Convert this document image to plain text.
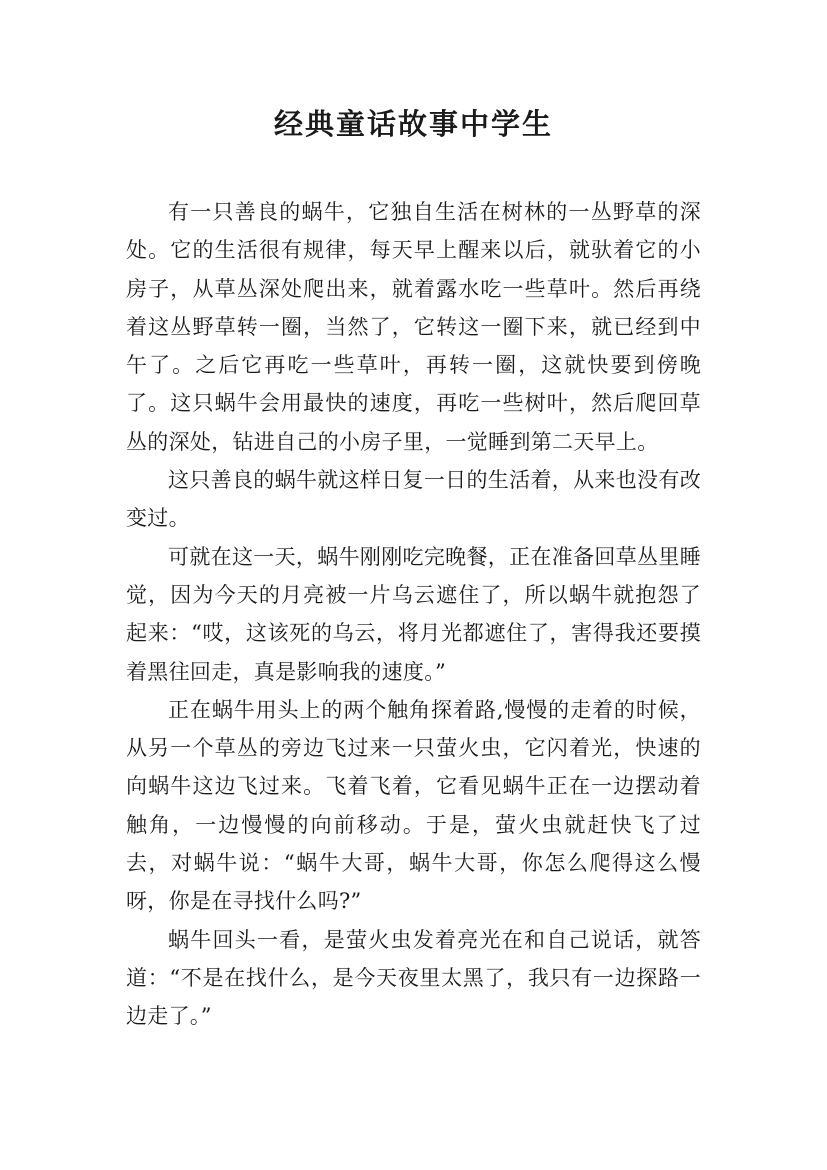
经典童话故事中学生

有一只善良的蜗牛，它独自生活在树林的一丛野草的深处。它的生活很有规律，每天早上醒来以后，就驮着它的小房子，从草丛深处爬出来，就着露水吃一些草叶。然后再绕着这丛野草转一圈，当然了，它转这一圈下来，就已经到中午了。之后它再吃一些草叶，再转一圈，这就快要到傍晚了。这只蜗牛会用最快的速度，再吃一些树叶，然后爬回草丛的深处，钻进自己的小房子里，一觉睡到第二天早上。

这只善良的蜗牛就这样日复一日的生活着，从来也没有改变过。

可就在这一天，蜗牛刚刚吃完晚餐，正在准备回草丛里睡觉，因为今天的月亮被一片乌云遮住了，所以蜗牛就抱怨了起来：“哎，这该死的乌云，将月光都遮住了，害得我还要摸着黑往回走，真是影响我的速度。”

正在蜗牛用头上的两个触角探着路,慢慢的走着的时候，从另一个草丛的旁边飞过来一只萤火虫，它闪着光，快速的向蜗牛这边飞过来。飞着飞着，它看见蜗牛正在一边摆动着触角，一边慢慢的向前移动。于是，萤火虫就赶快飞了过去，对蜗牛说：“蜗牛大哥，蜗牛大哥，你怎么爬得这么慢呀，你是在寻找什么吗?”

蜗牛回头一看，是萤火虫发着亮光在和自己说话，就答道：“不是在找什么，是今天夜里太黑了，我只有一边探路一边走了。”
